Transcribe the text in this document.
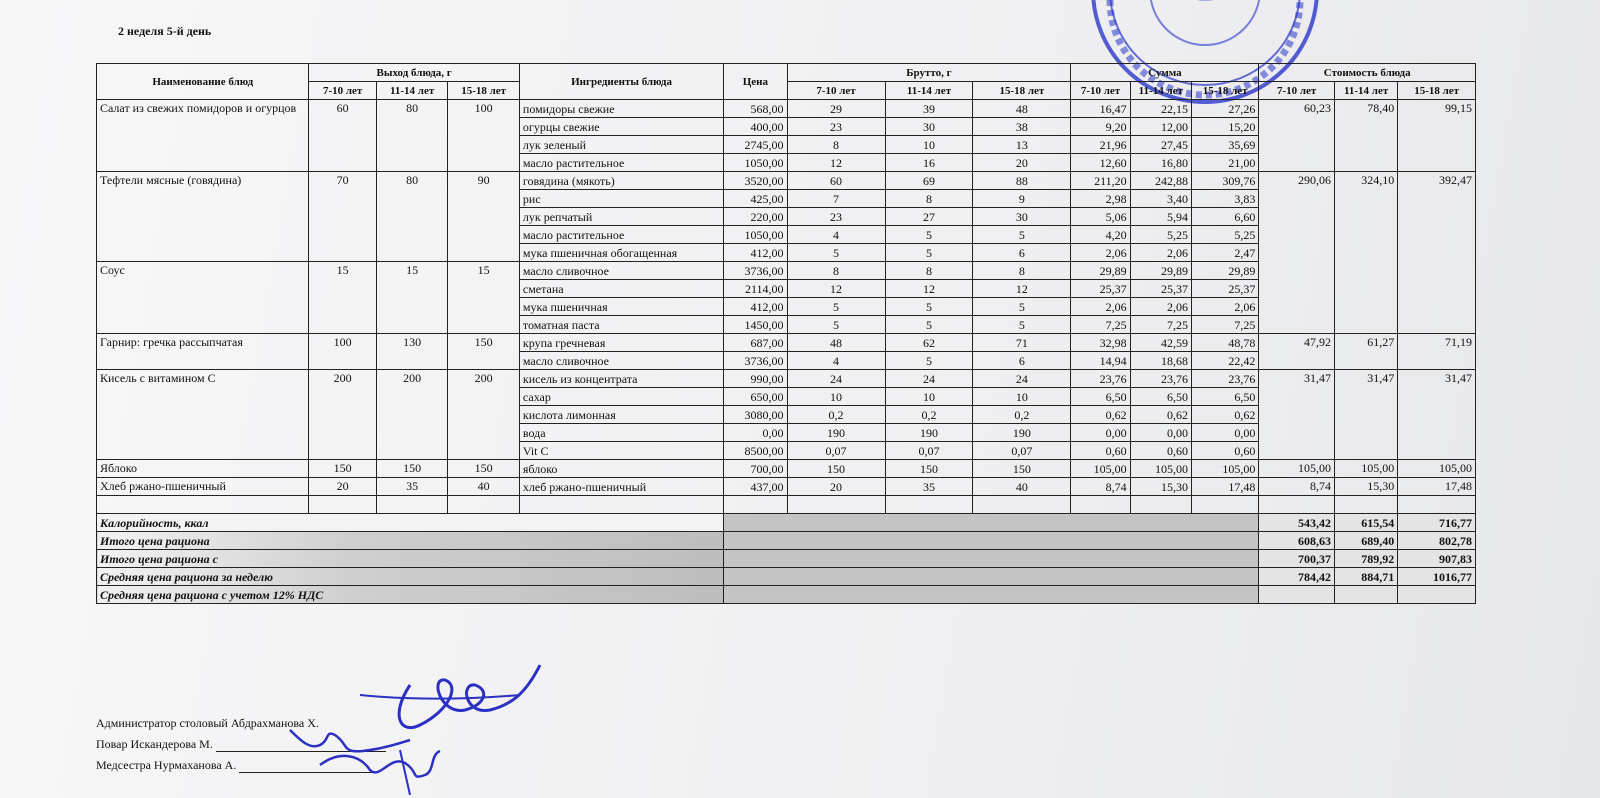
2 неделя 5-й день
Наименование блюд	Выход блюда, г			Ингредиенты блюда	Цена	Брутто, г			Сумма			Стоимость блюда		
	7-10 лет	11-14 лет	15-18 лет			7-10 лет	11-14 лет	15-18 лет	7-10 лет	11-14 лет	15-18 лет	7-10 лет	11-14 лет	15-18 лет
Салат из свежих помидоров и огурцов	60	80	100	помидоры свежие	568,00	29	39	48	16,47	22,15	27,26	60,23	78,40	99,15
				огурцы свежие	400,00	23	30	38	9,20	12,00	15,20			
				лук зеленый	2745,00	8	10	13	21,96	27,45	35,69			
				масло растительное	1050,00	12	16	20	12,60	16,80	21,00			
Тефтели мясные (говядина)	70	80	90	говядина (мякоть)	3520,00	60	69	88	211,20	242,88	309,76	290,06	324,10	392,47
				рис	425,00	7	8	9	2,98	3,40	3,83			
				лук репчатый	220,00	23	27	30	5,06	5,94	6,60			
				масло растительное	1050,00	4	5	5	4,20	5,25	5,25			
				мука пшеничная обогащенная	412,00	5	5	6	2,06	2,06	2,47			
Соус	15	15	15	масло сливочное	3736,00	8	8	8	29,89	29,89	29,89			
				сметана	2114,00	12	12	12	25,37	25,37	25,37			
				мука пшеничная	412,00	5	5	5	2,06	2,06	2,06			
				томатная паста	1450,00	5	5	5	7,25	7,25	7,25			
Гарнир: гречка рассыпчатая	100	130	150	крупа гречневая	687,00	48	62	71	32,98	42,59	48,78	47,92	61,27	71,19
				масло сливочное	3736,00	4	5	6	14,94	18,68	22,42			
Кисель с витамином С	200	200	200	кисель из концентрата	990,00	24	24	24	23,76	23,76	23,76	31,47	31,47	31,47
				сахар	650,00	10	10	10	6,50	6,50	6,50			
				кислота лимонная	3080,00	0,2	0,2	0,2	0,62	0,62	0,62			
				вода	0,00	190	190	190	0,00	0,00	0,00			
				Vit C	8500,00	0,07	0,07	0,07	0,60	0,60	0,60			
Яблоко	150	150	150	яблоко	700,00	150	150	150	105,00	105,00	105,00	105,00	105,00	105,00
Хлеб ржано-пшеничный	20	35	40	хлеб ржано-пшеничный	437,00	20	35	40	8,74	15,30	17,48	8,74	15,30	17,48

Калорийность, ккал												543,42	615,54	716,77
Итого цена рациона												608,63	689,40	802,78
Итого цена рациона с												700,37	789,92	907,83
Средняя цена рациона за неделю												784,42	884,71	1016,77
Средняя цена рациона с учетом 12% НДС														
Администратор столовый Абдрахманова Х.
Повар Искандерова М.
Медсестра Нурмаханова А.
